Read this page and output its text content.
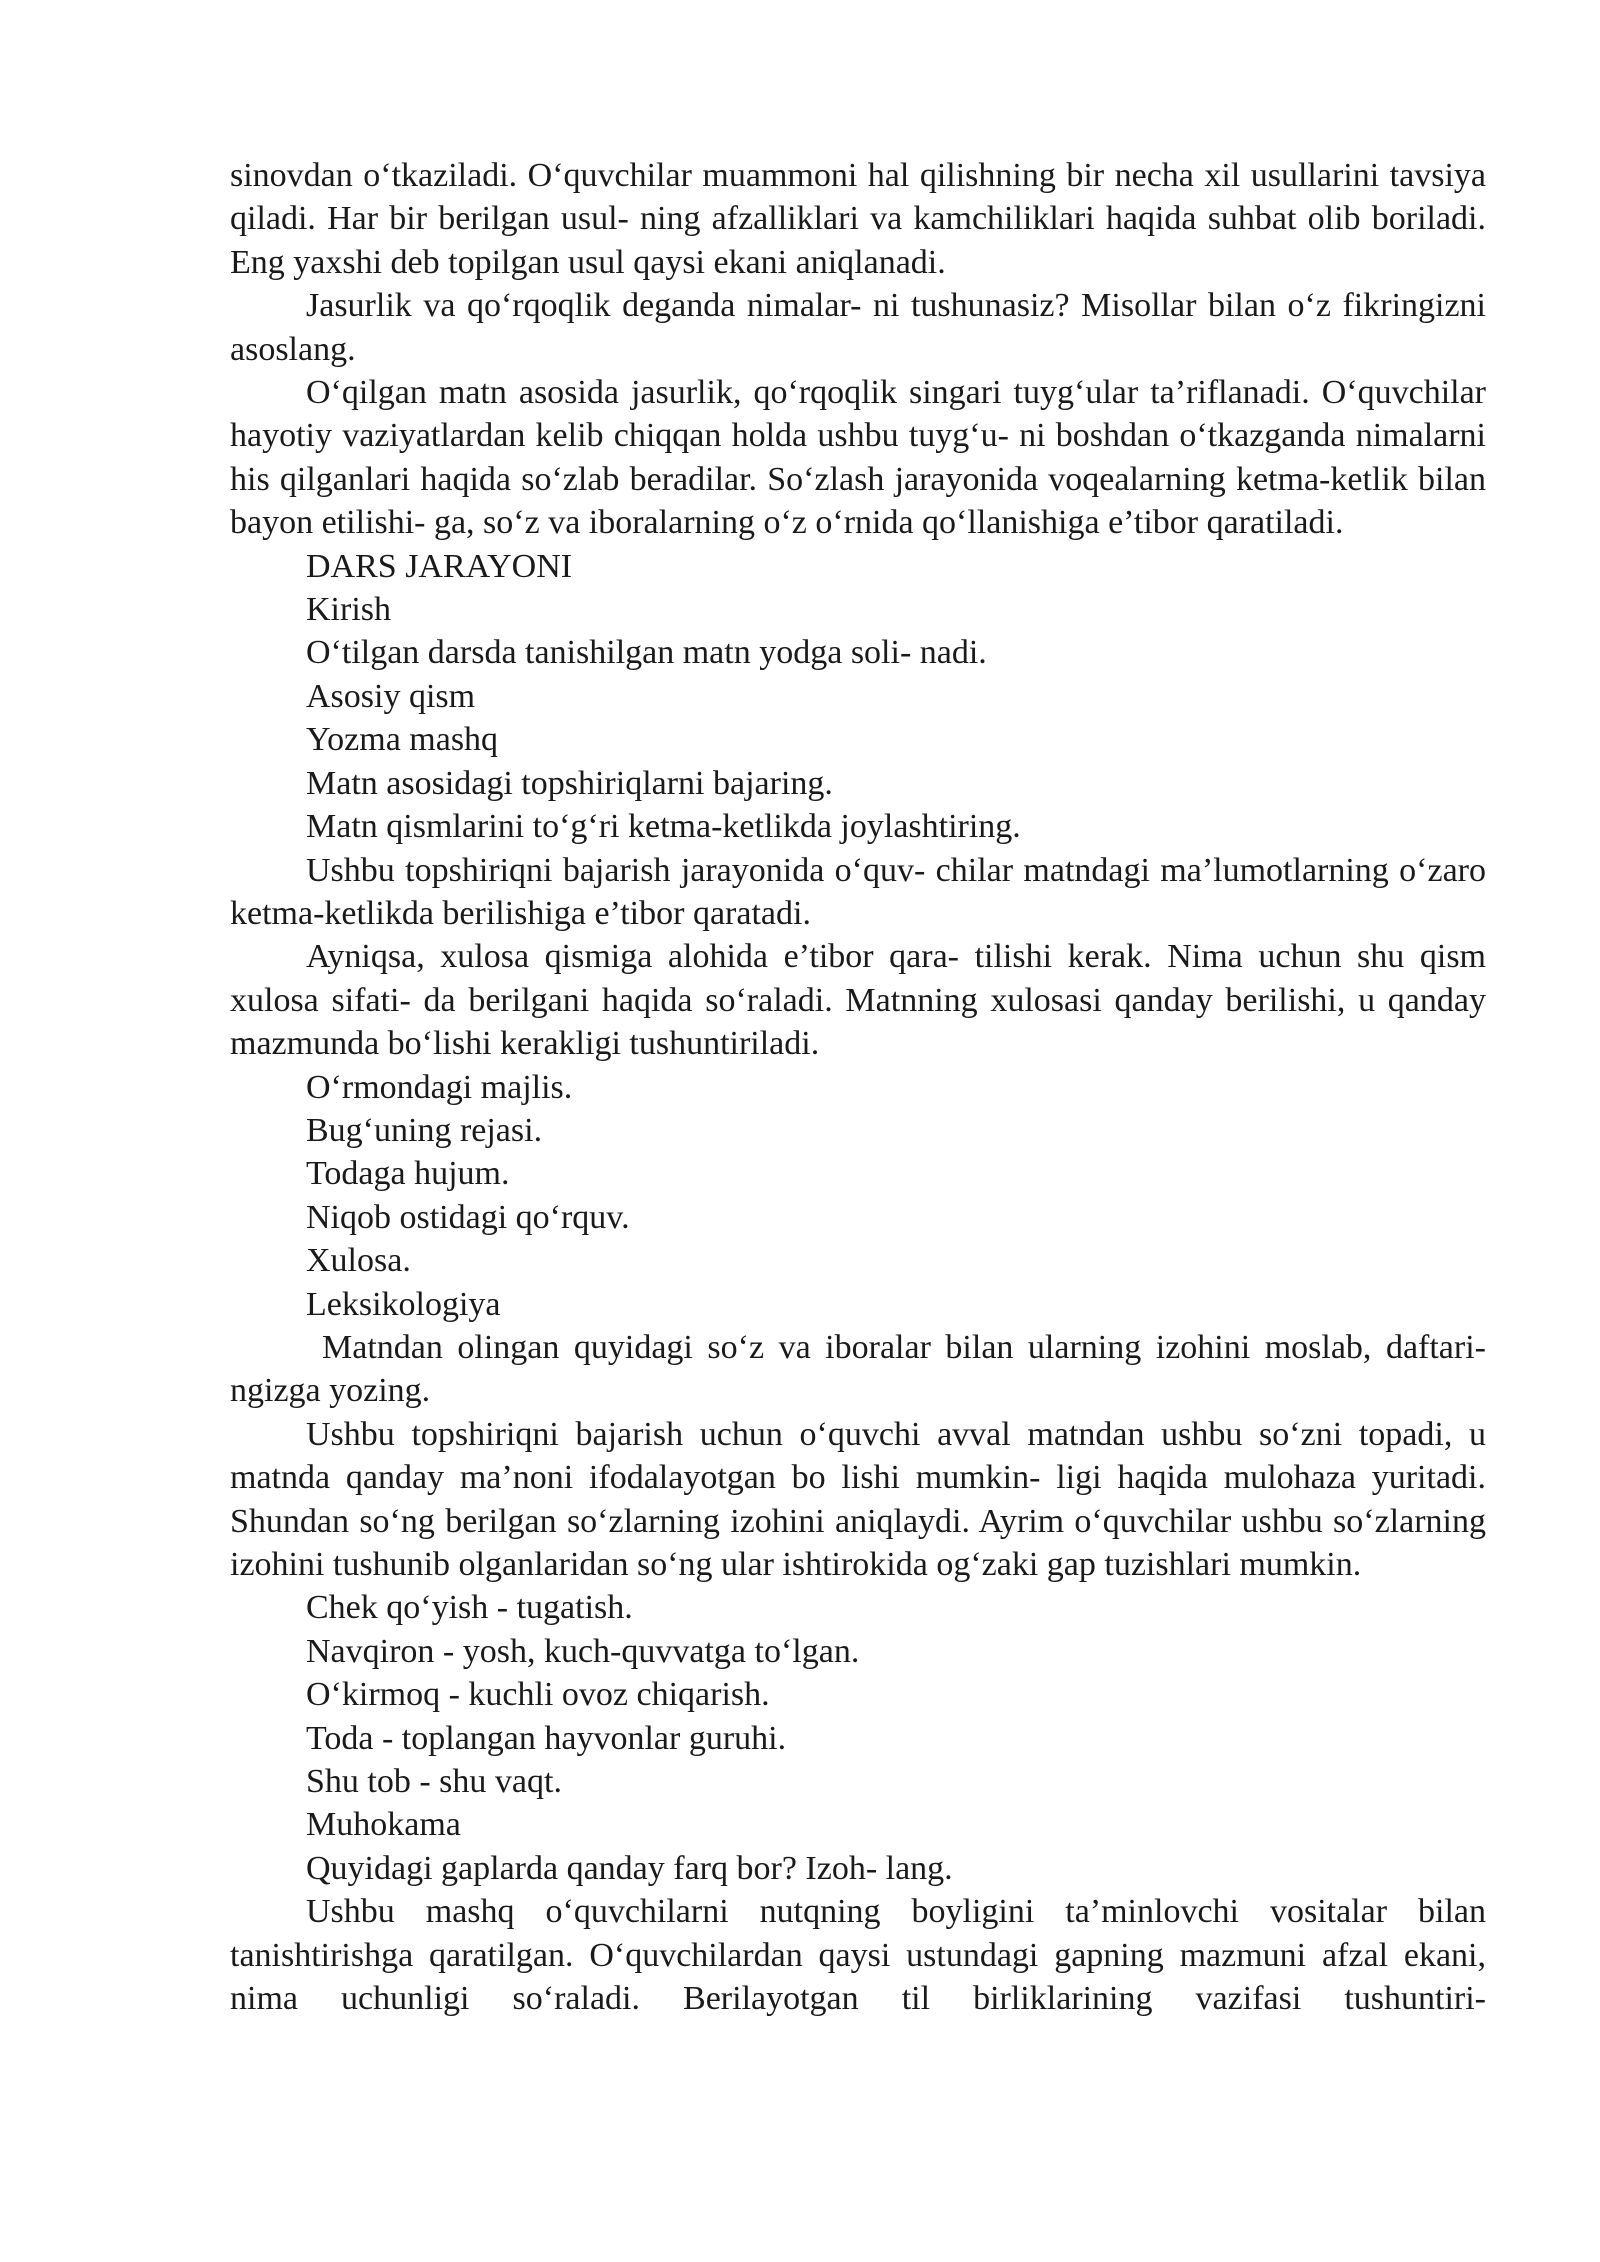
sinovdan o‘tkaziladi. O‘quvchilar muammoni hal qilishning bir necha xil usullarini tavsiya qiladi. Har bir berilgan usul- ning afzalliklari va kamchiliklari haqida suhbat olib boriladi. Eng yaxshi deb topilgan usul qaysi ekani aniqlanadi.

Jasurlik va qo‘rqoqlik deganda nimalar- ni tushunasiz? Misollar bilan o‘z fikringizni asoslang.

O‘qilgan matn asosida jasurlik, qo‘rqoqlik singari tuyg‘ular ta’riflanadi. O‘quvchilar hayotiy vaziyatlardan kelib chiqqan holda ushbu tuyg‘u- ni boshdan o‘tkazganda nimalarni his qilganlari haqida so‘zlab beradilar. So‘zlash jarayonida voqealarning ketma-ketlik bilan bayon etilishi- ga, so‘z va iboralarning o‘z o‘rnida qo‘llanishiga e’tibor qaratiladi.

DARS JARAYONI

Kirish

O‘tilgan darsda tanishilgan matn yodga soli- nadi.

Asosiy qism

Yozma mashq

Matn asosidagi topshiriqlarni bajaring.

Matn qismlarini to‘g‘ri ketma-ketlikda joylashtiring.

Ushbu topshiriqni bajarish jarayonida o‘quv- chilar matndagi ma’lumotlarning o‘zaro ketma-ketlikda berilishiga e’tibor qaratadi.

Ayniqsa, xulosa qismiga alohida e’tibor qara- tilishi kerak. Nima uchun shu qism xulosa sifati- da berilgani haqida so‘raladi. Matnning xulosasi qanday berilishi, u qanday mazmunda bo‘lishi kerakligi tushuntiriladi.

O‘rmondagi majlis.

Bug‘uning rejasi.

Todaga hujum.

Niqob ostidagi qo‘rquv.

Xulosa.

Leksikologiya

Matndan olingan quyidagi so‘z va iboralar bilan ularning izohini moslab, daftari- ngizga yozing.

Ushbu topshiriqni bajarish uchun o‘quvchi avval matndan ushbu so‘zni topadi, u matnda qanday ma’noni ifodalayotgan bo lishi mumkin- ligi haqida mulohaza yuritadi. Shundan so‘ng berilgan so‘zlarning izohini aniqlaydi. Ayrim o‘quvchilar ushbu so‘zlarning izohini tushunib olganlaridan so‘ng ular ishtirokida og‘zaki gap tuzishlari mumkin.

Chek qo‘yish - tugatish.

Navqiron - yosh, kuch-quvvatga to‘lgan.

O‘kirmoq - kuchli ovoz chiqarish.

Toda - toplangan hayvonlar guruhi.

Shu tob - shu vaqt.

Muhokama

Quyidagi gaplarda qanday farq bor? Izoh- lang.

Ushbu mashq o‘quvchilarni nutqning boyligini ta’minlovchi vositalar bilan tanishtirishga qaratilgan. O‘quvchilardan qaysi ustundagi gapning mazmuni afzal ekani, nima uchunligi so‘raladi. Berilayotgan til birliklarining vazifasi tushuntiri-
